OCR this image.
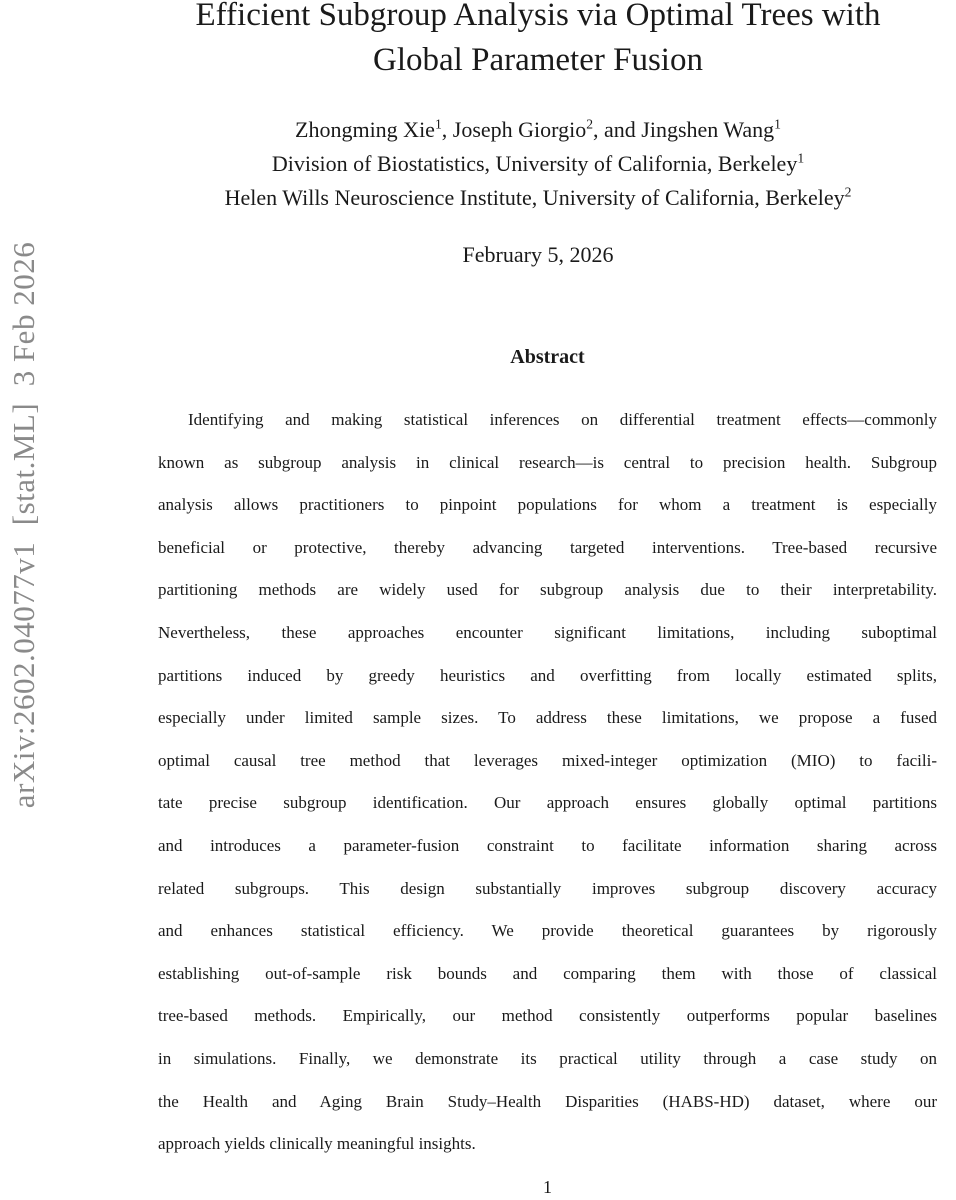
arXiv:2602.04077v1  [stat.ML]  3 Feb 2026
Efficient Subgroup Analysis via Optimal Trees with
Global Parameter Fusion
Zhongming Xie$^1$, Joseph Giorgio$^2$, and Jingshen Wang$^1$
Division of Biostatistics, University of California, Berkeley$^1$
Helen Wills Neuroscience Institute, University of California, Berkeley$^2$
February 5, 2026
Abstract
Identifying and making statistical inferences on differential treatment effects—commonly
known as subgroup analysis in clinical research—is central to precision health. Subgroup
analysis allows practitioners to pinpoint populations for whom a treatment is especially
beneficial or protective, thereby advancing targeted interventions. Tree-based recursive
partitioning methods are widely used for subgroup analysis due to their interpretability.
Nevertheless, these approaches encounter significant limitations, including suboptimal
partitions induced by greedy heuristics and overfitting from locally estimated splits,
especially under limited sample sizes. To address these limitations, we propose a fused
optimal causal tree method that leverages mixed-integer optimization (MIO) to facili-
tate precise subgroup identification. Our approach ensures globally optimal partitions
and introduces a parameter-fusion constraint to facilitate information sharing across
related subgroups. This design substantially improves subgroup discovery accuracy
and enhances statistical efficiency. We provide theoretical guarantees by rigorously
establishing out-of-sample risk bounds and comparing them with those of classical
tree-based methods. Empirically, our method consistently outperforms popular baselines
in simulations. Finally, we demonstrate its practical utility through a case study on
the Health and Aging Brain Study–Health Disparities (HABS-HD) dataset, where our
approach yields clinically meaningful insights.
1
